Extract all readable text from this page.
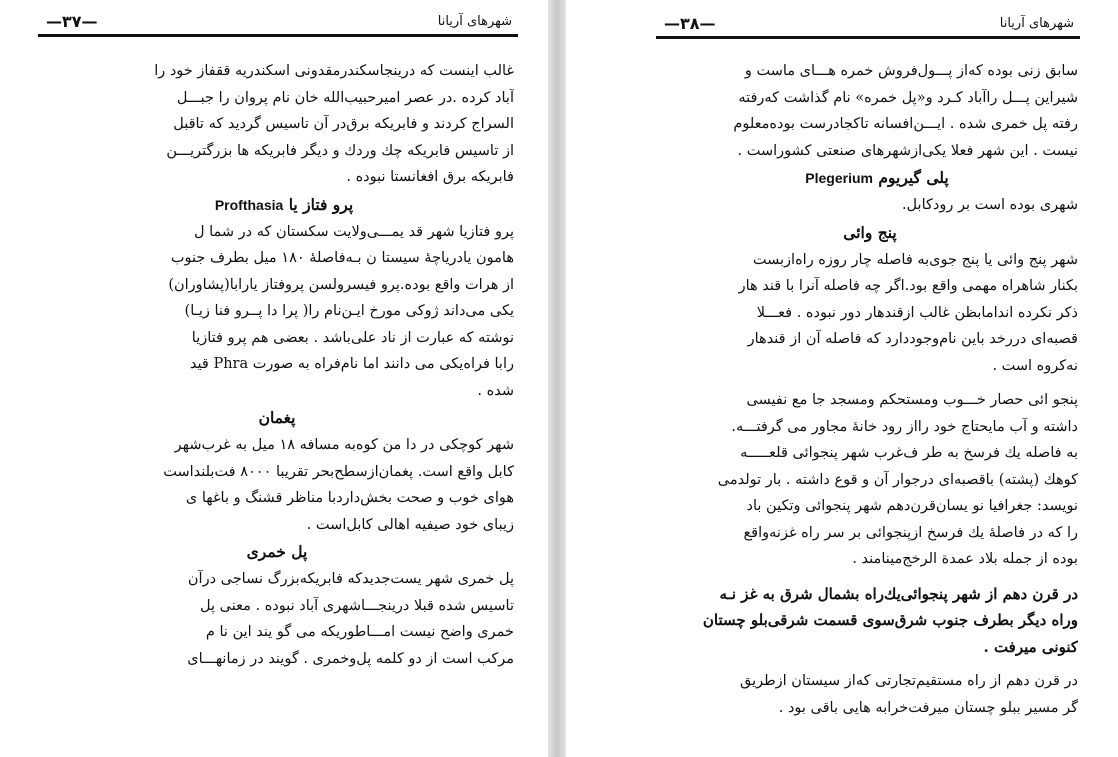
شهرهای آریانا
—۳۷—
غالب اینست که درینجاسکندرمقدونی اسکندریه ققفاز خود را
آباد کرده .در عصر امیرحبیب‌الله خان نام پروان را جبـــل
السراج کردند و فابریکه برق‌در آن تاسیس گردید که تاقبل
از تاسیس فابریکه چك وردك و دیگر فابریکه ها بزرگتریـــن
فابریکه برق افغانستا نبوده .
پرو فتاز یا Profthasia
پرو فتازیا شهر قد یمـــی‌ولایت سکستان که در شما ل
هامون یادریاچۀ سیستا ن بـه‌فاصلۀ ۱۸۰ میل بطرف جنوب
از هرات واقع بوده.پرو فیسرولسن پروفتاز یارابا(پشاوران)
یکی می‌داند ژوکی مورخ ایـن‌نام را( پرا دا پــرو فنا زیـا)
نوشته که عبارت از ناد علی‌باشد . بعضی هم پرو فتازیا
رابا فراه‌یکی می دانند اما نام‌فراه به صورت Phra قید
شده .
پغمان
شهر کوچکی در دا من کوه‌به مسافه ۱۸ میل به غرب‌شهر
کابل واقع است. پغمان‌ازسطح‌بحر تقریبا ۸۰۰۰ فت‌بلنداست
هوای خوب و صحت بخش‌داردبا مناظر قشنگ و باغها ی
زیبای خود صیفیه اهالی کابل‌است .
پل خمری
پل خمری شهر یست‌جدیدکه فابریکه‌بزرگ نساجی درآن
تاسیس شده قبلا درینجـــاشهری آباد نبوده . معنی پل
خمری واضح نیست امـــاطوریکه می گو یند این نا م
مرکب است از دو کلمه پل‌وخمری . گویند در زمانهـــای
شهرهای آریانا
—۳۸—
سابق زنی بوده که‌از پـــول‌فروش خمره هـــای ماست و
شیراین پـــل راآباد کـرد و«پل خمره» نام گذاشت که‌رفته
رفته پل خمری شده . ایـــن‌افسانه تاکجادرست بوده‌معلوم
نیست . این شهر فعلا یکی‌ازشهرهای صنعتی کشوراست .
پلی گیریوم Plegerium
شهری بوده است بر رود‌کابل.
پنج وائی
شهر پنج وائی یا پنج جوی‌به فاصله چار روزه راه‌ازبست
بکنار شاهراه مهمی واقع بود.اگر چه فاصله آنرا با قند هار
ذکر نکرده اندامابظن غالب ازقندهار دور نبوده . فعـــلا
قصبه‌ای دررخد باین نام‌وجوددارد که فاصله آن از قندهار
نه‌کروه است .
پنجو ائی حصار خـــوب ومستحکم ومسجد جا مع نفیسی
داشته و آب مایحتاج خود رااز رود خانۀ مجاور می گرفتـــه.
به فاصله یك فرسخ به طر ف‌غرب شهر پنجوائی قلعـــــه
کوهك (پشته) باقصبه‌ای درجوار آن و قوع داشته . بار تولدمی
نویسد: جغرافیا نو یسان‌قرن‌دهم شهر پنجوائی وتکین باد
را که در فاصلۀ یك فرسخ از‌پنجوائی بر سر راه غزنه‌واقع
بوده از جمله بلاد عمدة الرخج‌مینامند .
در قرن دهم از شهر پنجوائی‌یك‌راه بشمال شرق به غز نـه
وراه دیگر بطرف جنوب شرق‌سوی قسمت شرقی‌بلو چستان
کنونی میرفت .
در قرن دهم از راه مستقیم‌تجارتی که‌از سیستان ازطریق
گر مسیر ببلو چستان میرفت‌خرابه هایی باقی بود .
